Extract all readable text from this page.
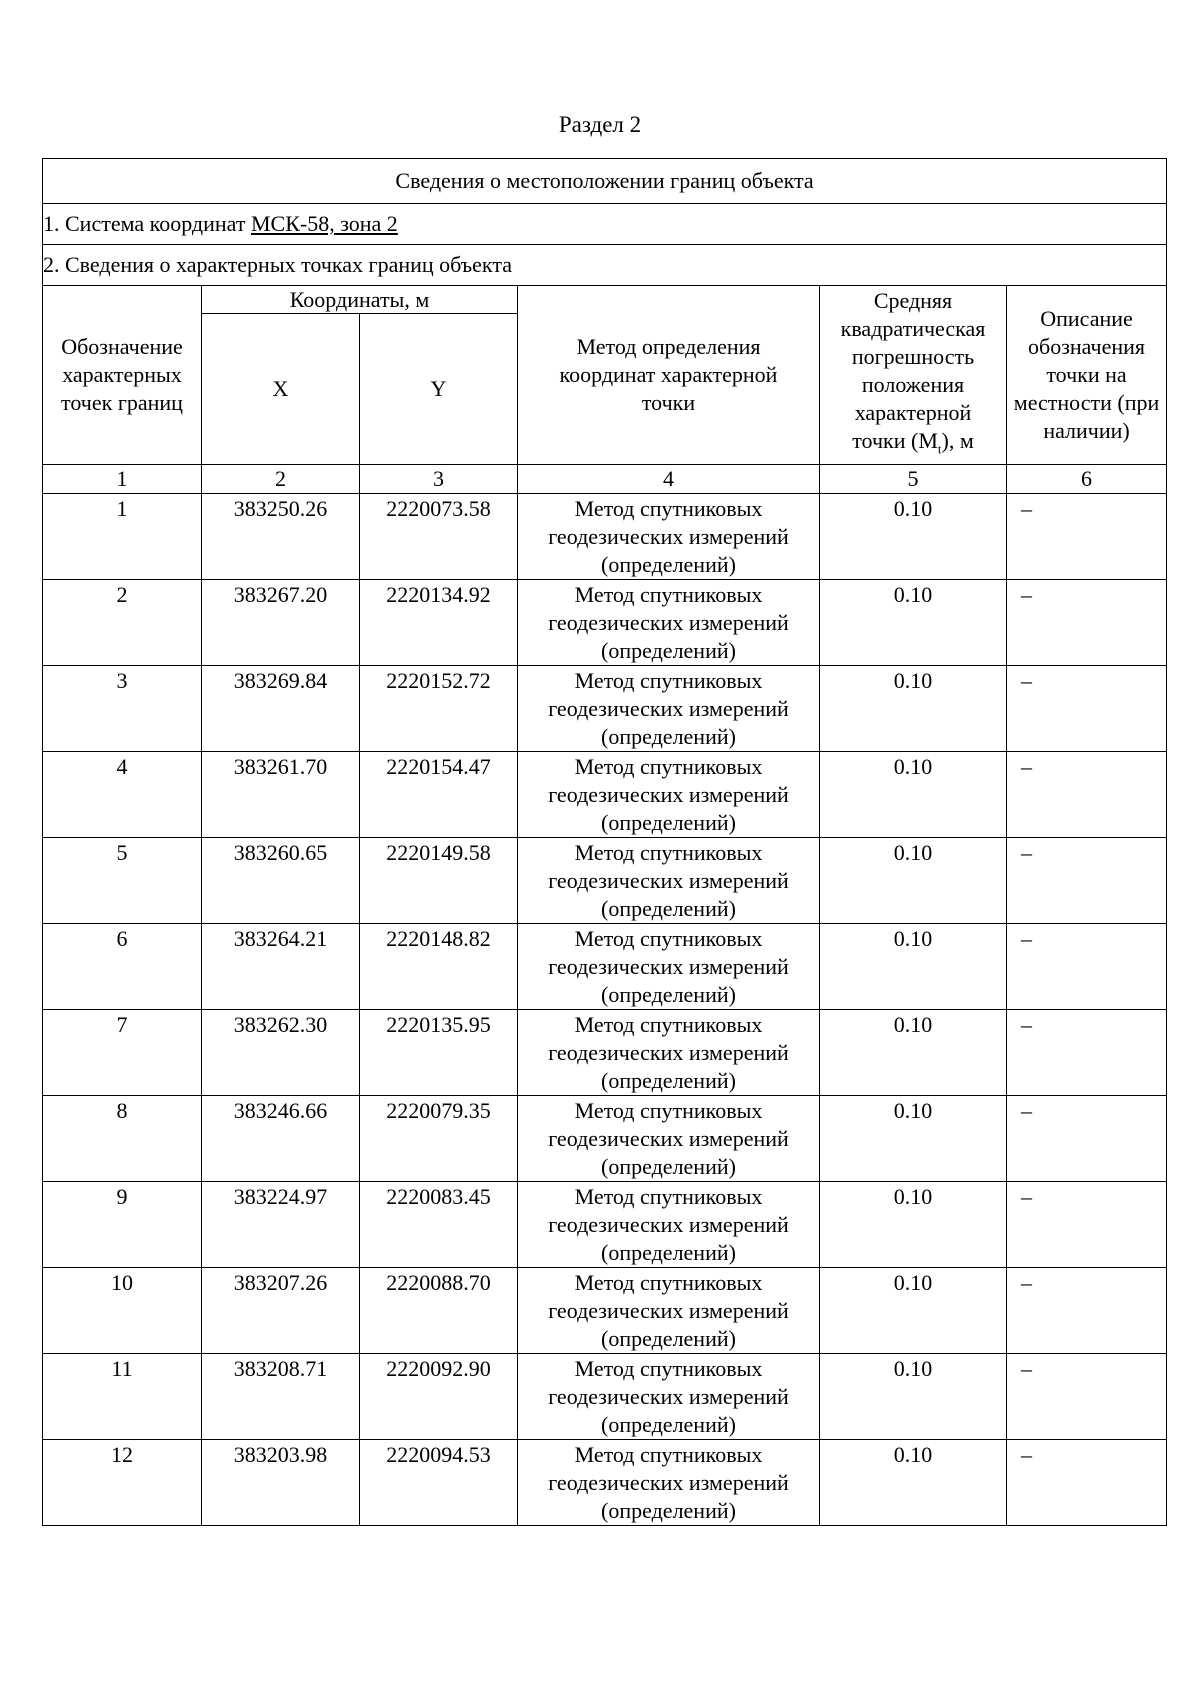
Раздел 2
Сведения о местоположении границ объекта					
1. Система координат МСК-58, зона 2					
2. Сведения о характерных точках границ объекта					
Обозначение характерных точек границ	Координаты, м		Метод определения координат характерной точки	Средняя квадратическая погрешность положения характерной точки $(M_t)$, м	Описание обозначения точки на местности (при наличии)
	X	Y			
1	2	3	4	5	6
1	383250.26	2220073.58	Метод спутниковых геодезических измерений (определений)	0.10	–
2	383267.20	2220134.92	Метод спутниковых геодезических измерений (определений)	0.10	–
3	383269.84	2220152.72	Метод спутниковых геодезических измерений (определений)	0.10	–
4	383261.70	2220154.47	Метод спутниковых геодезических измерений (определений)	0.10	–
5	383260.65	2220149.58	Метод спутниковых геодезических измерений (определений)	0.10	–
6	383264.21	2220148.82	Метод спутниковых геодезических измерений (определений)	0.10	–
7	383262.30	2220135.95	Метод спутниковых геодезических измерений (определений)	0.10	–
8	383246.66	2220079.35	Метод спутниковых геодезических измерений (определений)	0.10	–
9	383224.97	2220083.45	Метод спутниковых геодезических измерений (определений)	0.10	–
10	383207.26	2220088.70	Метод спутниковых геодезических измерений (определений)	0.10	–
11	383208.71	2220092.90	Метод спутниковых геодезических измерений (определений)	0.10	–
12	383203.98	2220094.53	Метод спутниковых геодезических измерений (определений)	0.10	–
